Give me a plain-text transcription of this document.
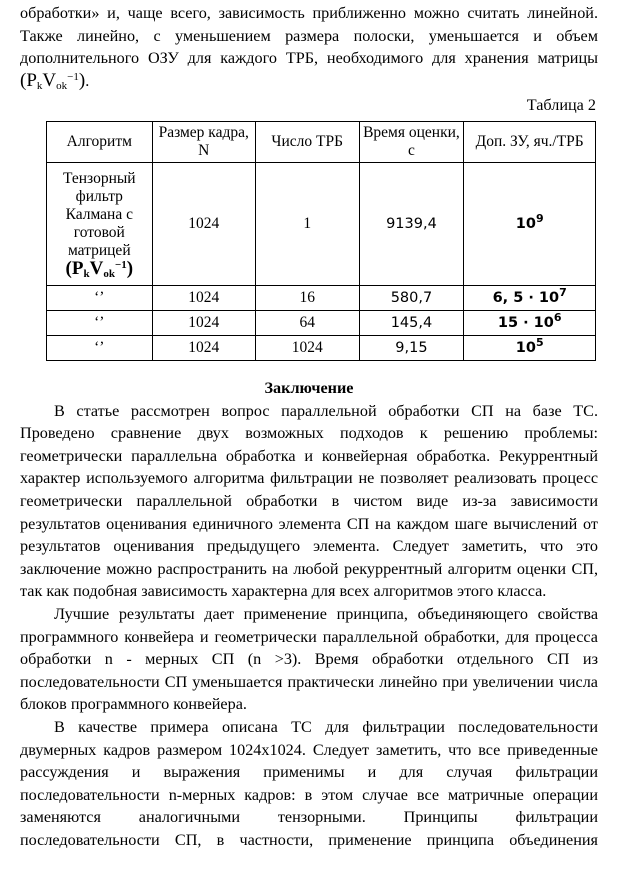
обработки» и, чаще всего, зависимость приближенно можно считать линейной.

Также линейно, с уменьшением размера полоски, уменьшается и объем

дополнительного ОЗУ для каждого ТРБ, необходимого для хранения матрицы

$(P_kV_{ok}^{-1})$.

Таблица 2
Алгоритм	Размер кадра, N	Число ТРБ	Время оценки, с	Доп. ЗУ, яч./ТРБ
Тензорный фильтр Калмана с готовой матрицей
$(P_kV_{ok}^{-1})$	1024	1	9139,4	$10^9$
‘’	1024	16	580,7	6, $5 \cdot 10^7$
‘’	1024	64	145,4	$15 \cdot 10^6$
‘’	1024	1024	9,15	$10^5$
Заключение

В статье рассмотрен вопрос параллельной обработки СП на базе ТС. Проведено сравнение двух возможных подходов к решению проблемы: геометрически параллельна обработка и конвейерная обработка. Рекуррентный характер используемого алгоритма фильтрации не позволяет реализовать процесс геометрически параллельной обработки в чистом виде из-за зависимости результатов оценивания единичного элемента СП на каждом шаге вычислений от результатов оценивания предыдущего элемента. Следует заметить, что это заключение можно распространить на любой рекуррентный алгоритм оценки СП, так как подобная зависимость характерна для всех алгоритмов этого класса.

Лучшие результаты дает применение принципа, объединяющего свойства программного конвейера и геометрически параллельной обработки, для процесса обработки n - мерных СП (n >3). Время обработки отдельного СП из последовательности СП уменьшается практически линейно при увеличении числа блоков программного конвейера.

В качестве примера описана ТС для фильтрации последовательности двумерных кадров размером 1024х1024. Следует заметить, что все приведенные рассуждения и выражения применимы и для случая фильтрации последовательности n-мерных кадров: в этом случае все матричные операции заменяются аналогичными тензорными. Принципы фильтрации последовательности СП, в частности, применение принципа объединения
